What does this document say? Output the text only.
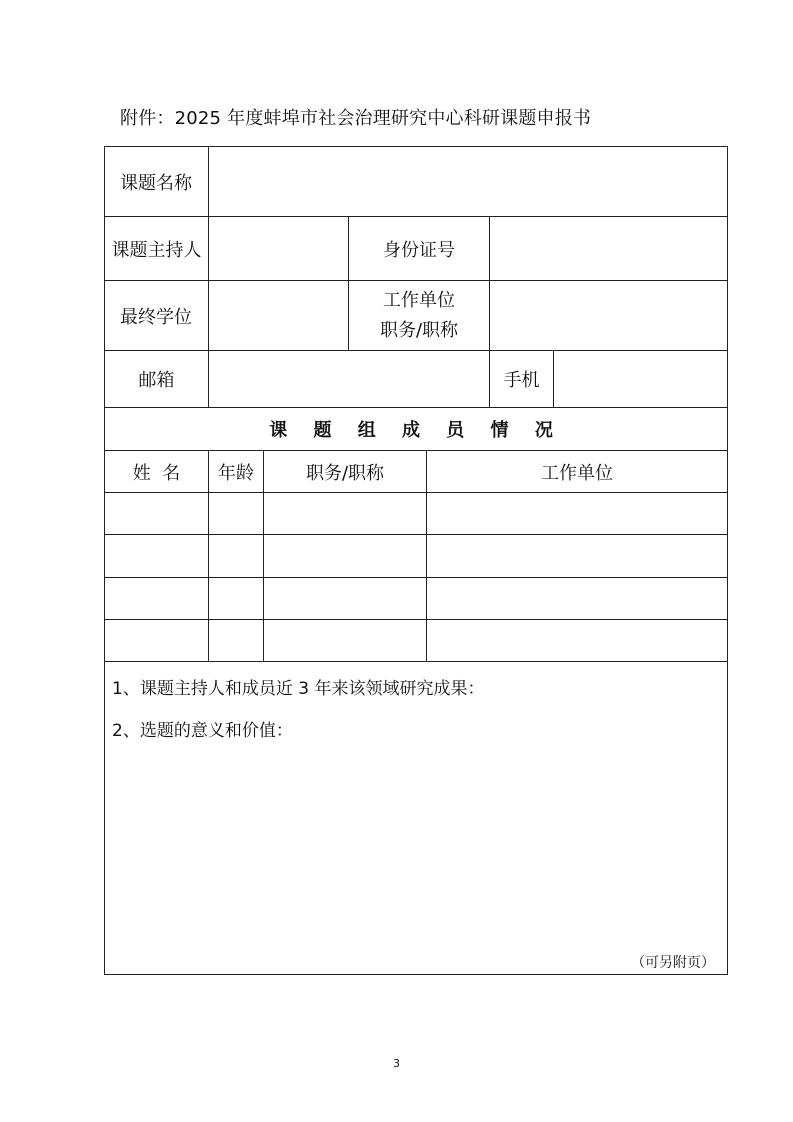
附件：2025 年度蚌埠市社会治理研究中心科研课题申报书
课题名称						
课题主持人			身份证号			
最终学位			工作单位
职务/职称			

邮箱					手机	
课 题 组 成 员 情 况						
姓  名	年龄	职务/职称		工作单位		

1、课题主持人和成员近 3 年来该领域研究成果：
2、选题的意义和价值：
（可另附页）						
3
